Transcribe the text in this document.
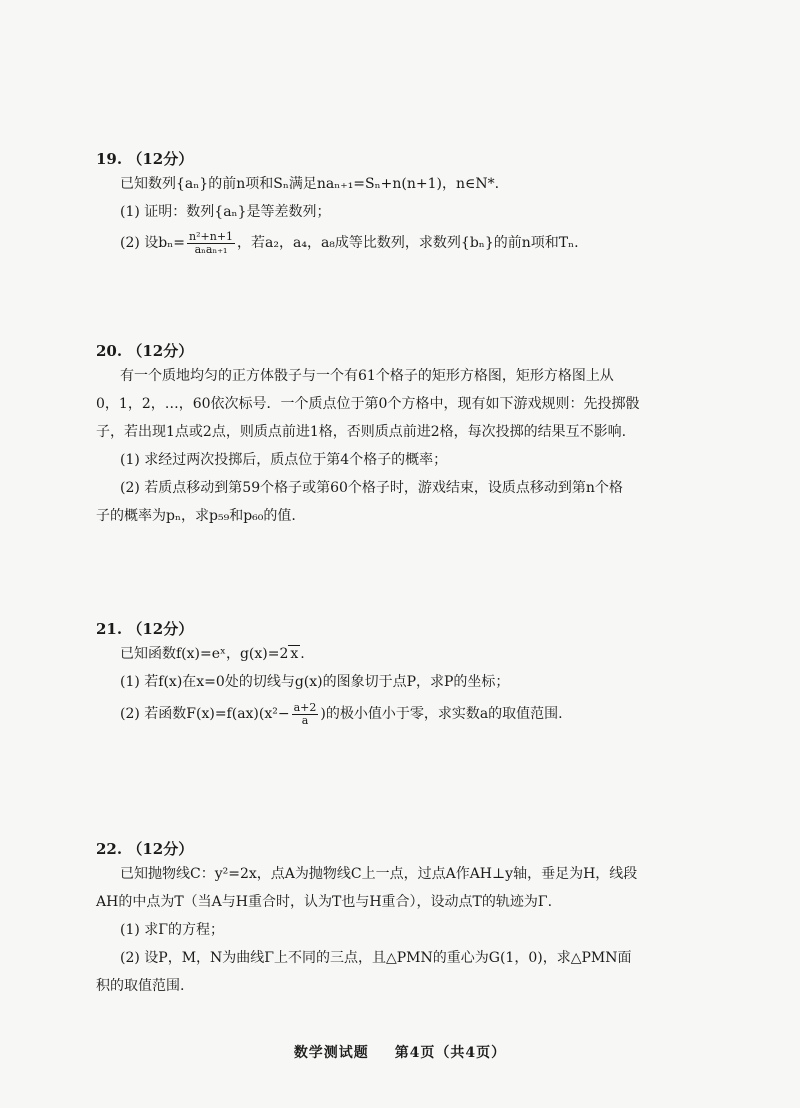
19. （12分）
已知数列{aₙ}的前n项和Sₙ满足naₙ₊₁=Sₙ+n(n+1)，n∈N*.
(1) 证明：数列{aₙ}是等差数列；
(2) 设$b_n= \frac{\text{n²+n+1}}{\text{aₙaₙ₊₁}}$ ，若a₂，a₄，a₈成等比数列，求数列{bₙ}的前n项和Tₙ.
20. （12分）
有一个质地均匀的正方体骰子与一个有61个格子的矩形方格图，矩形方格图上从
0，1，2，…，60依次标号．一个质点位于第0个方格中，现有如下游戏规则：先投掷骰
子，若出现1点或2点，则质点前进1格，否则质点前进2格，每次投掷的结果互不影响.
(1) 求经过两次投掷后，质点位于第4个格子的概率；
(2) 若质点移动到第59个格子或第60个格子时，游戏结束，设质点移动到第n个格
子的概率为pₙ，求p₅₉和p₆₀的值.
21. （12分）
已知函数f(x)=eˣ，g(x)=2 x .
(1) 若f(x)在x=0处的切线与g(x)的图象切于点P，求P的坐标；
(2) 若函数$F(x)=f(ax)(x^2- \frac{a+2}{a}$ )的极小值小于零，求实数a的取值范围.
22. （12分）
已知抛物线C：y²=2x，点A为抛物线C上一点，过点A作AH⊥y轴，垂足为H，线段
AH的中点为T（当A与H重合时，认为T也与H重合），设动点T的轨迹为Γ.
(1) 求Γ的方程；
(2) 设P，M，N为曲线Γ上不同的三点，且△PMN的重心为G(1，0)，求△PMN面
积的取值范围.
数学测试题 第4页（共4页）
